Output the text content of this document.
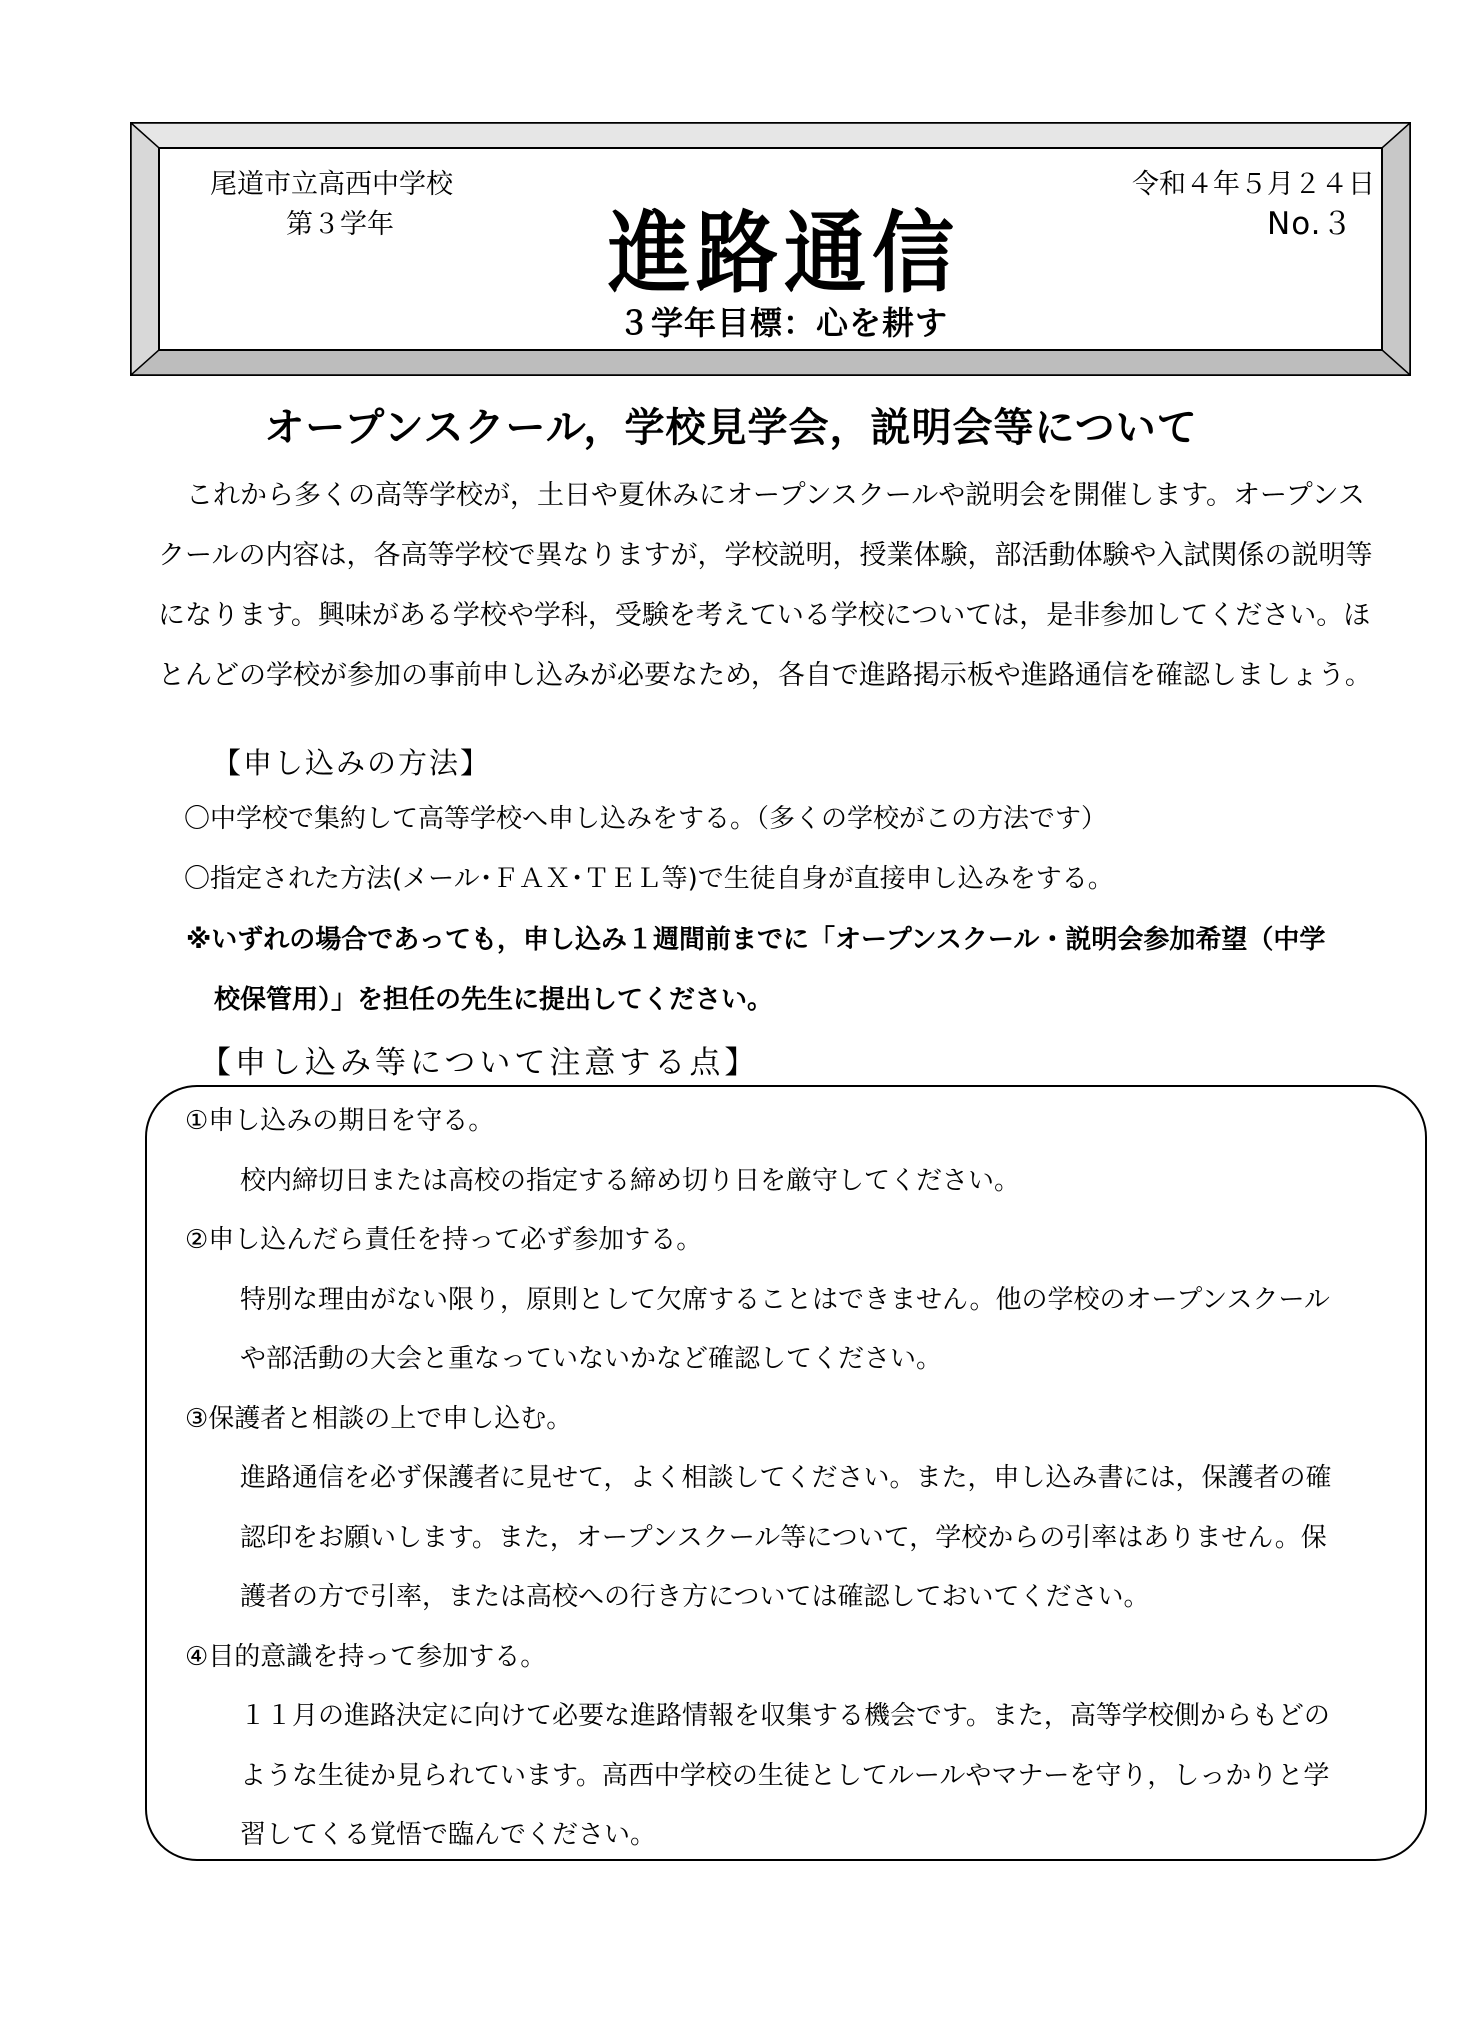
尾道市立高西中学校
第３学年	進路通信
令和４年５月２４日
No.３
３学年目標：心を耕す
オープンスクール，学校見学会，説明会等について

これから多くの高等学校が，土日や夏休みにオープンスクールや説明会を開催します。オープンス
クールの内容は，各高等学校で異なりますが，学校説明，授業体験，部活動体験や入試関係の説明等
になります。興味がある学校や学科，受験を考えている学校については，是非参加してください。ほ
とんどの学校が参加の事前申し込みが必要なため，各自で進路掲示板や進路通信を確認しましょう。

【申し込みの方法】
〇中学校で集約して高等学校へ申し込みをする。（多くの学校がこの方法です）
〇指定された方法(メール･ＦＡＸ･ＴＥＬ等)で生徒自身が直接申し込みをする。
※いずれの場合であっても，申し込み１週間前までに「オープンスクール・説明会参加希望（中学
校保管用）」を担任の先生に提出してください。
【申し込み等について注意する点】
①申し込みの期日を守る。
校内締切日または高校の指定する締め切り日を厳守してください。
②申し込んだら責任を持って必ず参加する。
特別な理由がない限り，原則として欠席することはできません。他の学校のオープンスクール
や部活動の大会と重なっていないかなど確認してください。
③保護者と相談の上で申し込む。
進路通信を必ず保護者に見せて，よく相談してください。また，申し込み書には，保護者の確
認印をお願いします。また，オープンスクール等について，学校からの引率はありません。保
護者の方で引率，または高校への行き方については確認しておいてください。
④目的意識を持って参加する。
１１月の進路決定に向けて必要な進路情報を収集する機会です。また，高等学校側からもどの
ような生徒か見られています。高西中学校の生徒としてルールやマナーを守り，しっかりと学
習してくる覚悟で臨んでください。
